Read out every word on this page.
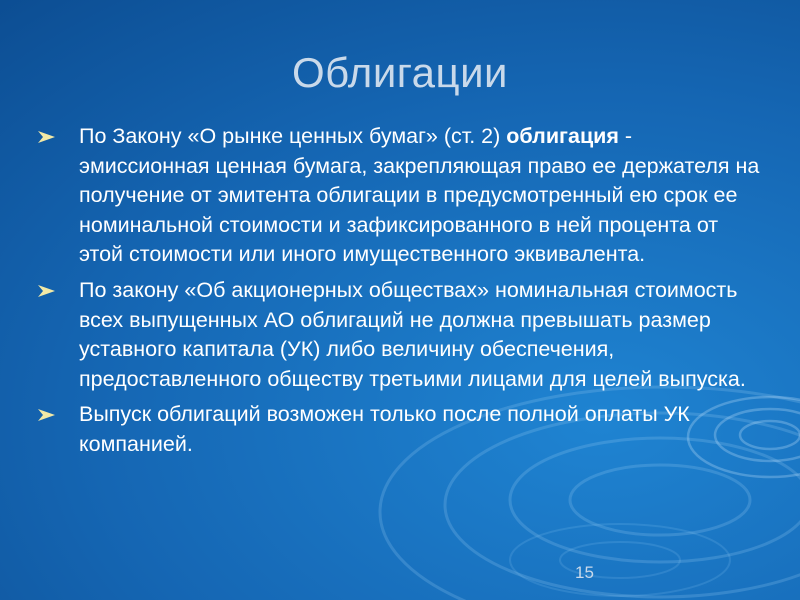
Облигации
По Закону «О рынке ценных бумаг» (ст. 2) облигация - эмиссионная ценная бумага, закрепляющая право ее держателя на получение от эмитента облигации в предусмотренный ею срок ее номинальной стоимости и зафиксированного в ней процента от этой стоимости или иного имущественного эквивалента.
По закону «Об акционерных обществах» номинальная стоимость всех выпущенных АО облигаций не должна превышать размер уставного капитала (УК) либо величину обеспечения, предоставленного обществу третьими лицами для целей выпуска.
Выпуск облигаций возможен только после полной оплаты УК компанией.
15
